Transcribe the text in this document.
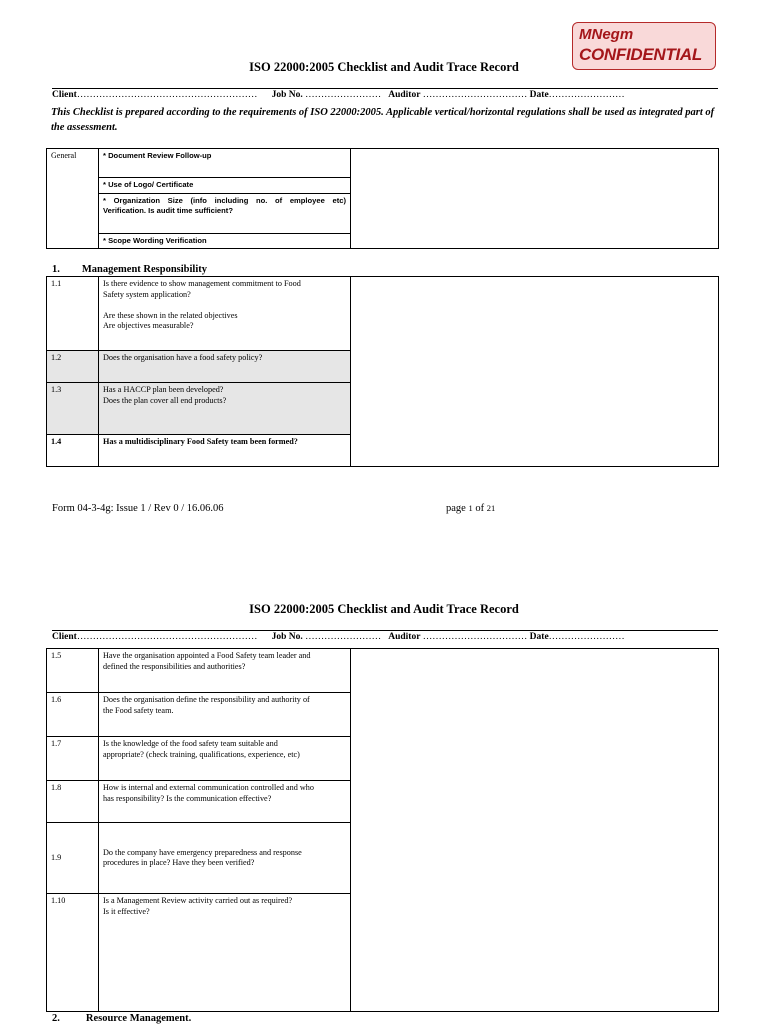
MNegm
CONFIDENTIAL
ISO 22000:2005 Checklist and Audit Trace Record
Client………………………………………………… Job No. …………………… Auditor …………………………… Date……………………
This Checklist is prepared according to the requirements of ISO 22000:2005. Applicable vertical/horizontal regulations shall be used as integrated part of the assessment.
General	* Document Review Follow-up	
* Use of Logo/ Certificate
* Organization Size (info including no. of employee etc) Verification. Is audit time sufficient?
* Scope Wording Verification
1. Management Responsibility
1.1	Is there evidence to show management commitment to Food
Safety system application?

Are these shown in the related objectives
Are objectives measurable?	
1.2	Does the organisation have a food safety policy?	
1.3	Has a HACCP plan been developed?
Does the plan cover all end products?	
1.4	Has a multidisciplinary Food Safety team been formed?	
Form 04-3-4g: Issue 1 / Rev 0 / 16.06.06	page 1 of 21
ISO 22000:2005 Checklist and Audit Trace Record
Client………………………………………………… Job No. …………………… Auditor …………………………… Date……………………
1.5	Have the organisation appointed a Food Safety team leader and
defined the responsibilities and authorities?	
1.6	Does the organisation define the responsibility and authority of
the Food safety team.	
1.7	Is the knowledge of the food safety team suitable and
appropriate? (check training, qualifications, experience, etc)	
1.8	How is internal and external communication controlled and who
has responsibility? Is the communication effective?	
1.9	Do the company have emergency preparedness and response
procedures in place? Have they been verified?	
1.10	Is a Management Review activity carried out as required?
Is it effective?	
2. Resource Management.
